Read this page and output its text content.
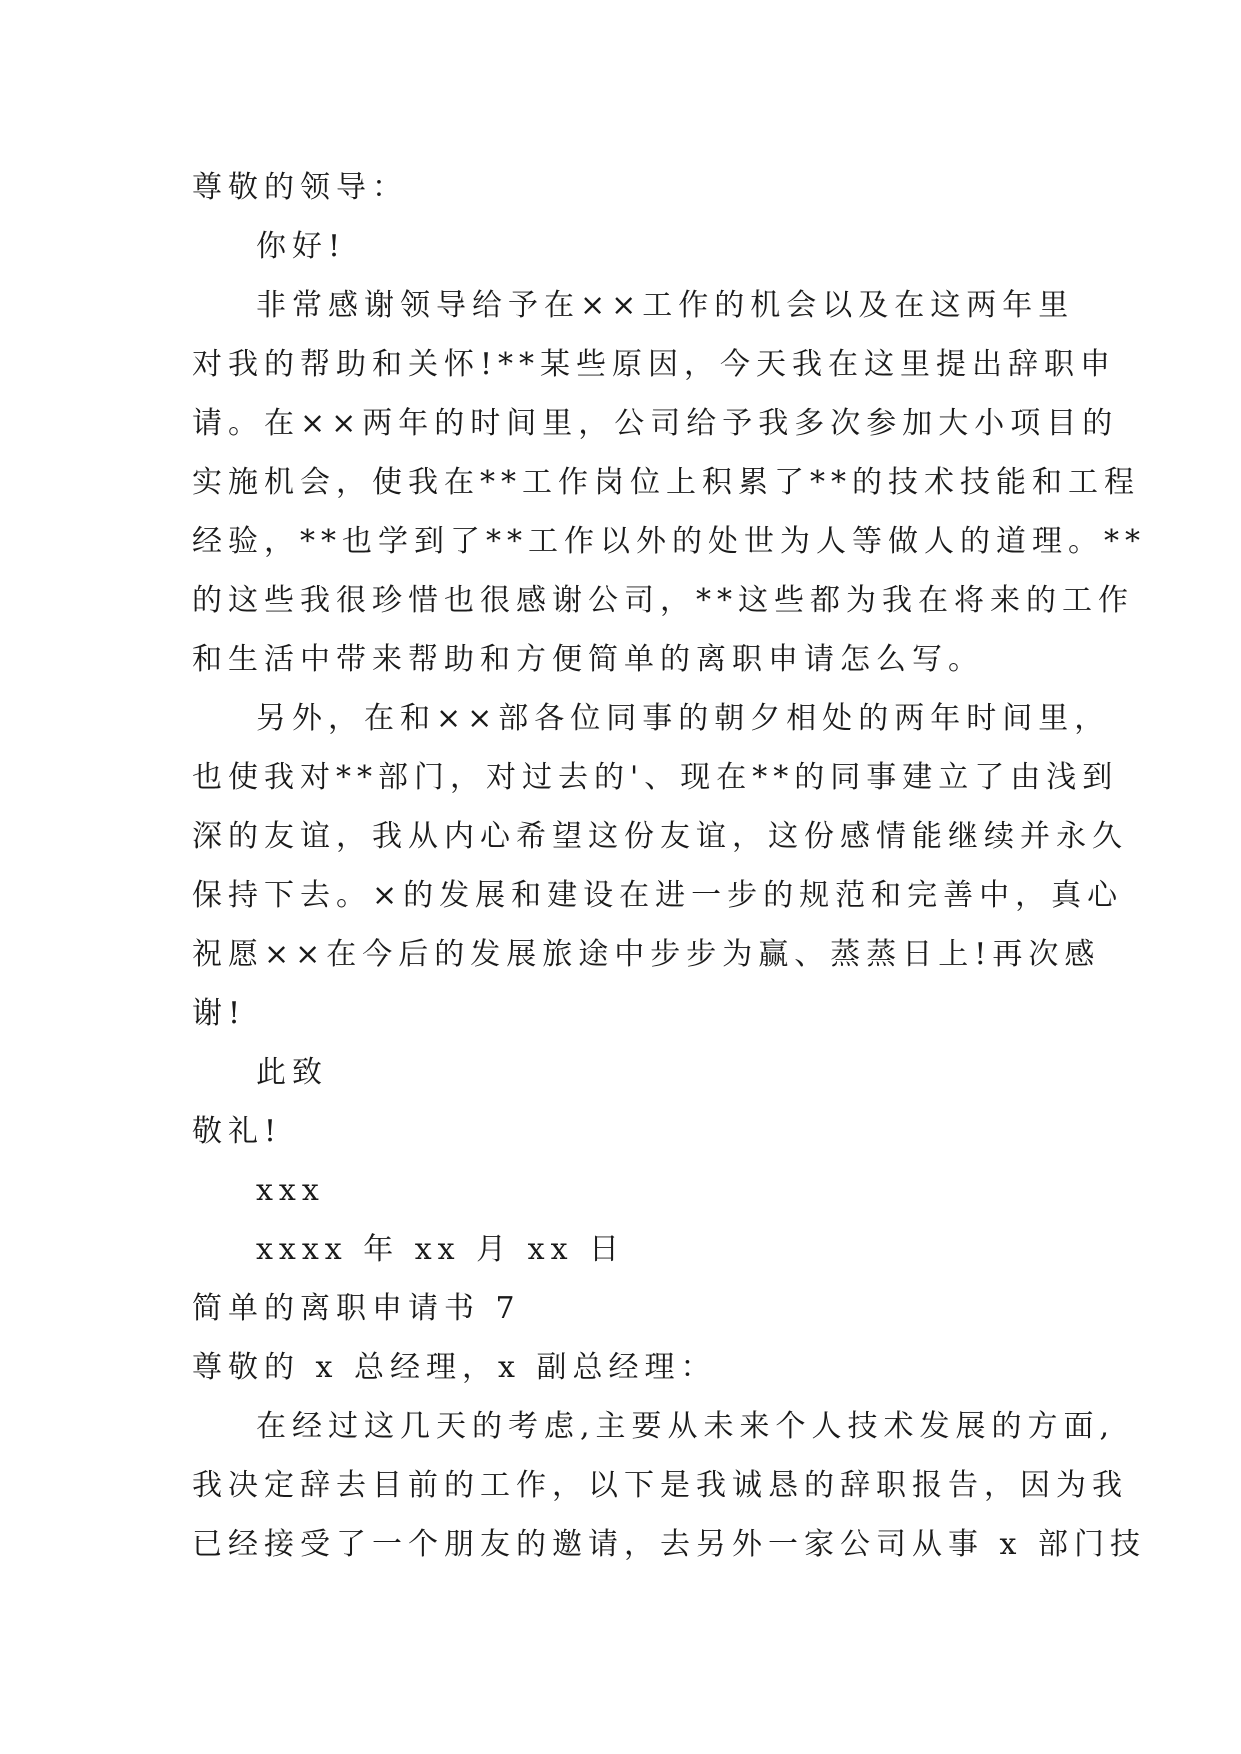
尊敬的领导：
你好!
非常感谢领导给予在××工作的机会以及在这两年里
对我的帮助和关怀!**某些原因，今天我在这里提出辞职申
请。在××两年的时间里，公司给予我多次参加大小项目的
实施机会，使我在**工作岗位上积累了**的技术技能和工程
经验，**也学到了**工作以外的处世为人等做人的道理。**
的这些我很珍惜也很感谢公司，**这些都为我在将来的工作
和生活中带来帮助和方便简单的离职申请怎么写。
另外，在和××部各位同事的朝夕相处的两年时间里，
也使我对**部门，对过去的'、现在**的同事建立了由浅到
深的友谊，我从内心希望这份友谊，这份感情能继续并永久
保持下去。×的发展和建设在进一步的规范和完善中，真心
祝愿××在今后的发展旅途中步步为赢、蒸蒸日上!再次感
谢!
此致
敬礼!
xxx
xxxx 年 xx 月 xx 日
简单的离职申请书 7
尊敬的 x 总经理，x 副总经理：
在经过这几天的考虑,主要从未来个人技术发展的方面,
我决定辞去目前的工作，以下是我诚恳的辞职报告，因为我
已经接受了一个朋友的邀请，去另外一家公司从事 x 部门技
